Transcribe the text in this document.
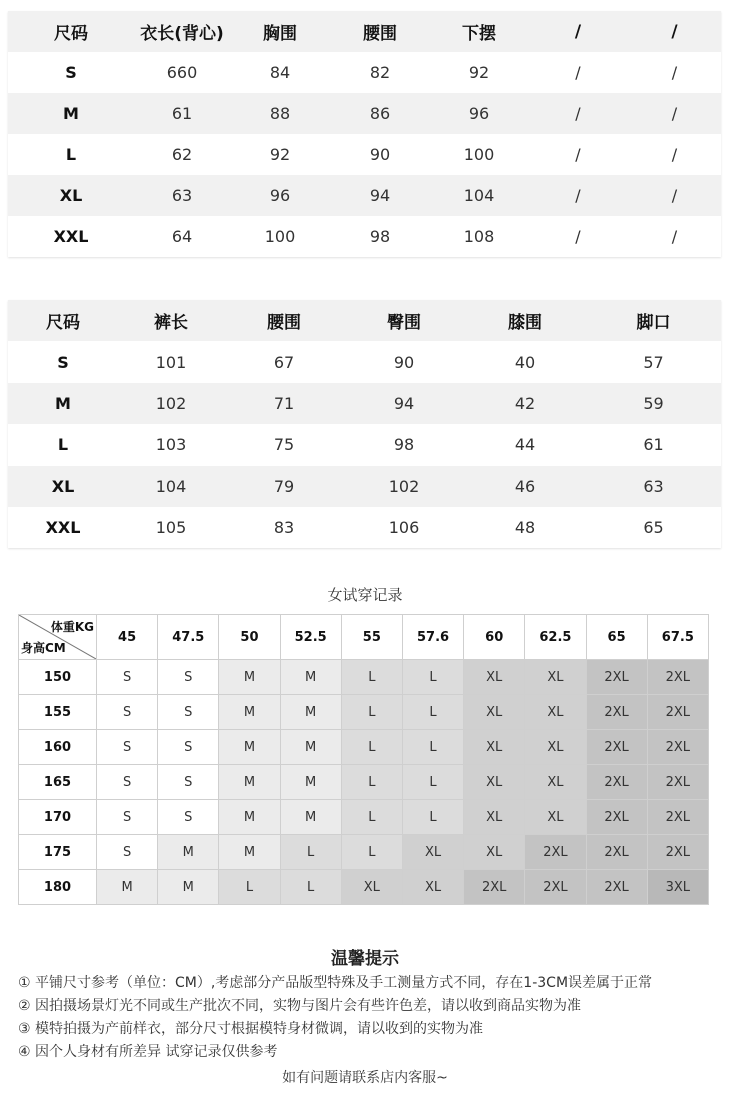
尺码	衣长(背心)	胸围	腰围	下摆	/	/
S	660	84	82	92	/	/
M	61	88	86	96	/	/
L	62	92	90	100	/	/
XL	63	96	94	104	/	/
XXL	64	100	98	108	/	/
尺码	裤长	腰围	臀围	膝围	脚口
S	101	67	90	40	57
M	102	71	94	42	59
L	103	75	98	44	61
XL	104	79	102	46	63
XXL	105	83	106	48	65
女试穿记录
体重KG
身高CM	45	47.5	50	52.5	55	57.6	60	62.5	65	67.5
150	S	S	M	M	L	L	XL	XL	2XL	2XL
155	S	S	M	M	L	L	XL	XL	2XL	2XL
160	S	S	M	M	L	L	XL	XL	2XL	2XL
165	S	S	M	M	L	L	XL	XL	2XL	2XL
170	S	S	M	M	L	L	XL	XL	2XL	2XL
175	S	M	M	L	L	XL	XL	2XL	2XL	2XL
180	M	M	L	L	XL	XL	2XL	2XL	2XL	3XL
温馨提示
① 平铺尺寸参考（单位：CM）,考虑部分产品版型特殊及手工测量方式不同，存在1-3CM误差属于正常
② 因拍摄场景灯光不同或生产批次不同，实物与图片会有些许色差，请以收到商品实物为准
③ 模特拍摄为产前样衣，部分尺寸根据模特身材微调，请以收到的实物为准
④ 因个人身材有所差异 试穿记录仅供参考
如有问题请联系店内客服~
